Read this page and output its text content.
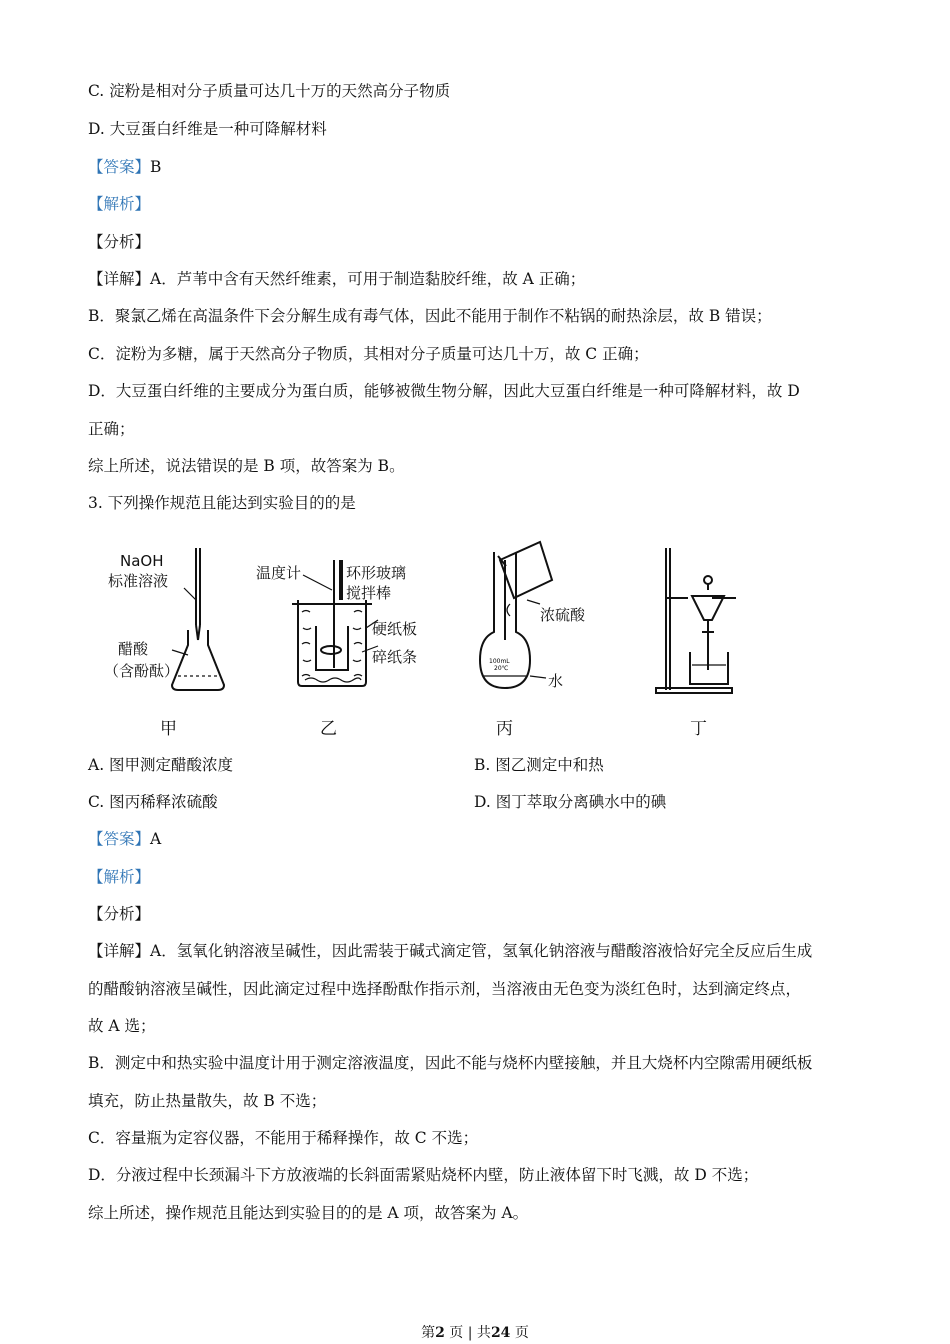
C. 淀粉是相对分子质量可达几十万的天然高分子物质
D. 大豆蛋白纤维是一种可降解材料
【答案】B
【解析】
【分析】
【详解】A．芦苇中含有天然纤维素，可用于制造黏胶纤维，故 A 正确；
B．聚氯乙烯在高温条件下会分解生成有毒气体，因此不能用于制作不粘锅的耐热涂层，故 B 错误；
C．淀粉为多糖，属于天然高分子物质，其相对分子质量可达几十万，故 C 正确；
D．大豆蛋白纤维的主要成分为蛋白质，能够被微生物分解，因此大豆蛋白纤维是一种可降解材料，故 D
正确；
综上所述，说法错误的是 B 项，故答案为 B。
3. 下列操作规范且能达到实验目的的是
NaOH
标准溶液
醋酸
（含酚酞）
温度计	环形玻璃
搅拌棒
硬纸板
碎纸条
浓硫酸
水
100mL
20℃
甲	乙	丙	丁
A. 图甲测定醋酸浓度	B. 图乙测定中和热
C. 图丙稀释浓硫酸	D. 图丁萃取分离碘水中的碘
【答案】A
【解析】
【分析】
【详解】A．氢氧化钠溶液呈碱性，因此需装于碱式滴定管，氢氧化钠溶液与醋酸溶液恰好完全反应后生成
的醋酸钠溶液呈碱性，因此滴定过程中选择酚酞作指示剂，当溶液由无色变为淡红色时，达到滴定终点，
故 A 选；
B．测定中和热实验中温度计用于测定溶液温度，因此不能与烧杯内壁接触，并且大烧杯内空隙需用硬纸板
填充，防止热量散失，故 B 不选；
C．容量瓶为定容仪器，不能用于稀释操作，故 C 不选；
D．分液过程中长颈漏斗下方放液端的长斜面需紧贴烧杯内壁，防止液体留下时飞溅，故 D 不选；
综上所述，操作规范且能达到实验目的的是 A 项，故答案为 A。
第2 页 | 共24 页
